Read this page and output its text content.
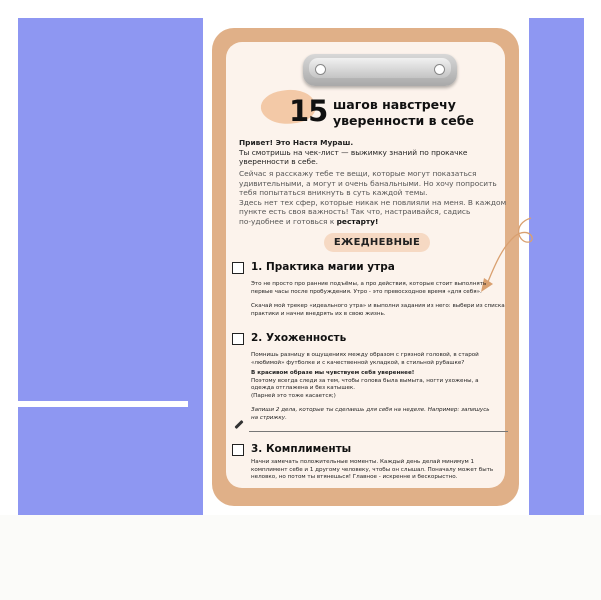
15 шагов навстречу
уверенности в себе
Привет! Это Настя Мураш.
Ты смотришь на чек-лист — выжимку знаний по прокачке
уверенности в себе.
Сейчас я расскажу тебе те вещи, которые могут показаться
удивительными, а могут и очень банальными. Но хочу попросить
тебя попытаться вникнуть в суть каждой темы.
Здесь нет тех сфер, которые никак не повлияли на меня. В каждом
пункте есть своя важность! Так что, настраивайся, садись
по-удобнее и готовься к рестарту!
ЕЖЕДНЕВНЫЕ
1. Практика магии утра
Это не просто про ранние подъёмы, а про действия, которые стоит выполнять
первые часы после пробуждения. Утро - это превосходное время «для себя».
Скачай мой трекер «идеального утра» и выполни задания из него: выбери из списка
практики и начни внедрять их в свою жизнь.
2. Ухоженность
Помнишь разницу в ощущениях между образом с грязной головой, в старой
«любимой» футболке и с качественной укладкой, в стильной рубашке?
В красивом образе мы чувствуем себя увереннее!
Поэтому всегда следи за тем, чтобы голова была вымыта, ногти ухожены, а
одежда отглажена и без катышек.
(Парней это тоже касается;)
Запиши 2 дела, которые ты сделаешь для себя на неделе. Например: запишусь
на стрижку.
3. Комплименты
Начни замечать положительные моменты. Каждый день делай минимум 1
комплимент себе и 1 другому человеку, чтобы он слышал. Поначалу может быть
неловко, но потом ты втянешься! Главное - искренне и бескорыстно.
